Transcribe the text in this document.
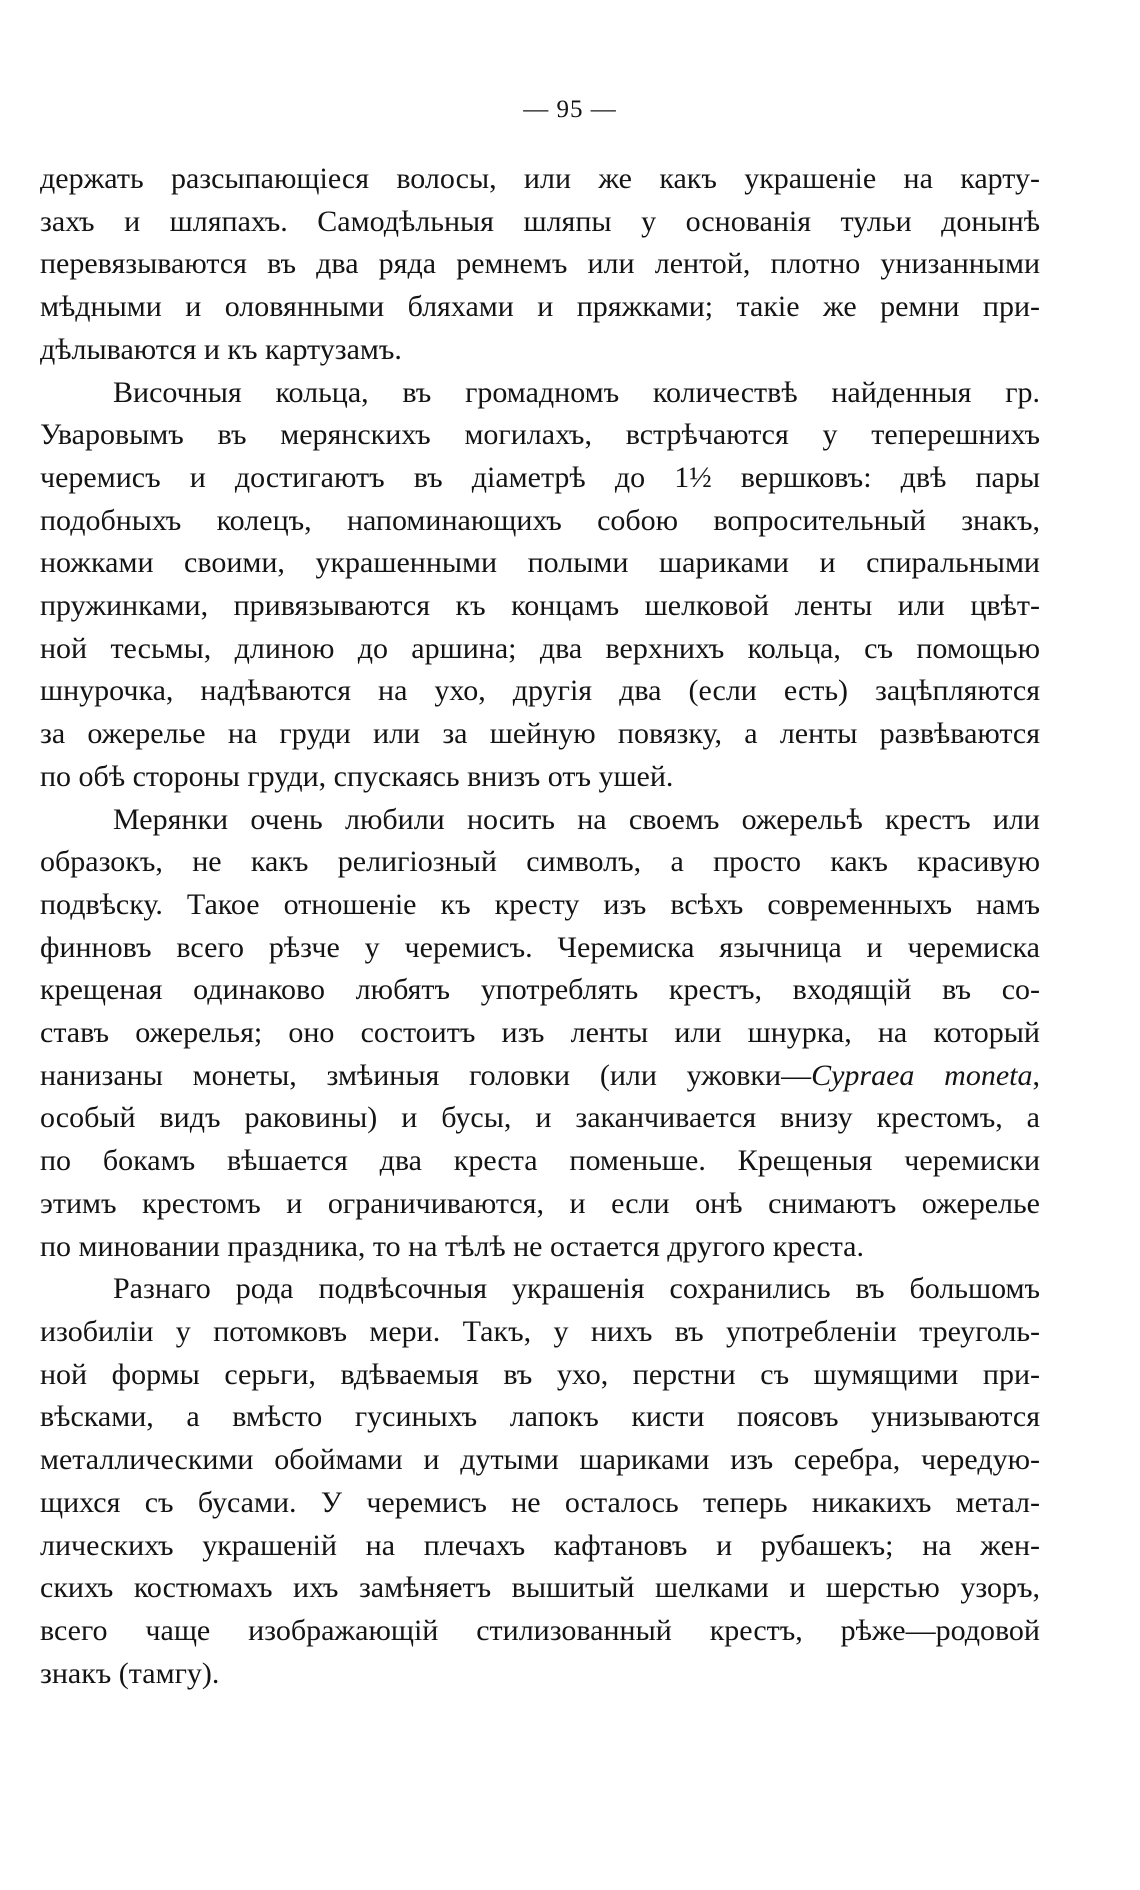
— 95 —

держать разсыпающіеся волосы, или же какъ украшеніе на карту-
захъ и шляпахъ. Самодѣльныя шляпы у основанія тульи донынѣ
перевязываются въ два ряда ремнемъ или лентой, плотно унизанными
мѣдными и оловянными бляхами и пряжками; такіе же ремни при-
дѣлываются и къ картузамъ.

Височныя кольца, въ громадномъ количествѣ найденныя гр.
Уваровымъ въ мерянскихъ могилахъ, встрѣчаются у теперешнихъ
черемисъ и достигаютъ въ діаметрѣ до 1½ вершковъ: двѣ пары
подобныхъ колецъ, напоминающихъ собою вопросительный знакъ,
ножками своими, украшенными полыми шариками и спиральными
пружинками, привязываются къ концамъ шелковой ленты или цвѣт-
ной тесьмы, длиною до аршина; два верхнихъ кольца, съ помощью
шнурочка, надѣваются на ухо, другія два (если есть) зацѣпляются
за ожерелье на груди или за шейную повязку, а ленты развѣваются
по обѣ стороны груди, спускаясь внизъ отъ ушей.

Мерянки очень любили носить на своемъ ожерельѣ крестъ или
образокъ, не какъ религіозный символъ, а просто какъ красивую
подвѣску. Такое отношеніе къ кресту изъ всѣхъ современныхъ намъ
финновъ всего рѣзче у черемисъ. Черемиска язычница и черемиска
крещеная одинаково любятъ употреблять крестъ, входящій въ со-
ставъ ожерелья; оно состоитъ изъ ленты или шнурка, на который
нанизаны монеты, змѣиныя головки (или ужовки—Cypraea moneta,
особый видъ раковины) и бусы, и заканчивается внизу крестомъ, а
по бокамъ вѣшается два креста поменьше. Крещеныя черемиски
этимъ крестомъ и ограничиваются, и если онѣ снимаютъ ожерелье
по миновании праздника, то на тѣлѣ не остается другого креста.

Разнаго рода подвѣсочныя украшенія сохранились въ большомъ
изобиліи у потомковъ мери. Такъ, у нихъ въ употребленіи треуголь-
ной формы серьги, вдѣваемыя въ ухо, перстни съ шумящими при-
вѣсками, а вмѣсто гусиныхъ лапокъ кисти поясовъ унизываются
металлическими обоймами и дутыми шариками изъ серебра, чередую-
щихся съ бусами. У черемисъ не осталось теперь никакихъ метал-
лическихъ украшеній на плечахъ кафтановъ и рубашекъ; на жен-
скихъ костюмахъ ихъ замѣняетъ вышитый шелками и шерстью узоръ,
всего чаще изображающій стилизованный крестъ, рѣже—родовой
знакъ (тамгу).
